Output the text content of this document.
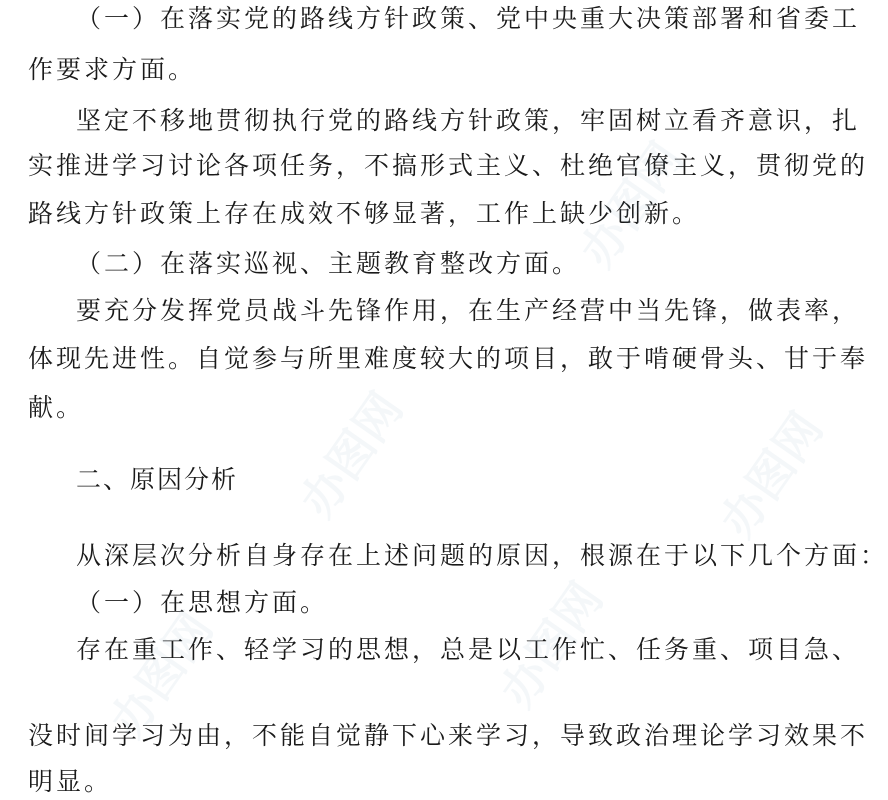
（一）在落实党的路线方针政策、党中央重大决策部署和省委工
作要求方面。
坚定不移地贯彻执行党的路线方针政策，牢固树立看齐意识，扎
实推进学习讨论各项任务，不搞形式主义、杜绝官僚主义，贯彻党的
路线方针政策上存在成效不够显著，工作上缺少创新。
（二）在落实巡视、主题教育整改方面。
要充分发挥党员战斗先锋作用，在生产经营中当先锋，做表率，
体现先进性。自觉参与所里难度较大的项目，敢于啃硬骨头、甘于奉
献。
二、原因分析
从深层次分析自身存在上述问题的原因，根源在于以下几个方面：
（一）在思想方面。
存在重工作、轻学习的思想，总是以工作忙、任务重、项目急、
没时间学习为由，不能自觉静下心来学习，导致政治理论学习效果不
明显。
办图网
办图网
办图网
办图网
办图网
